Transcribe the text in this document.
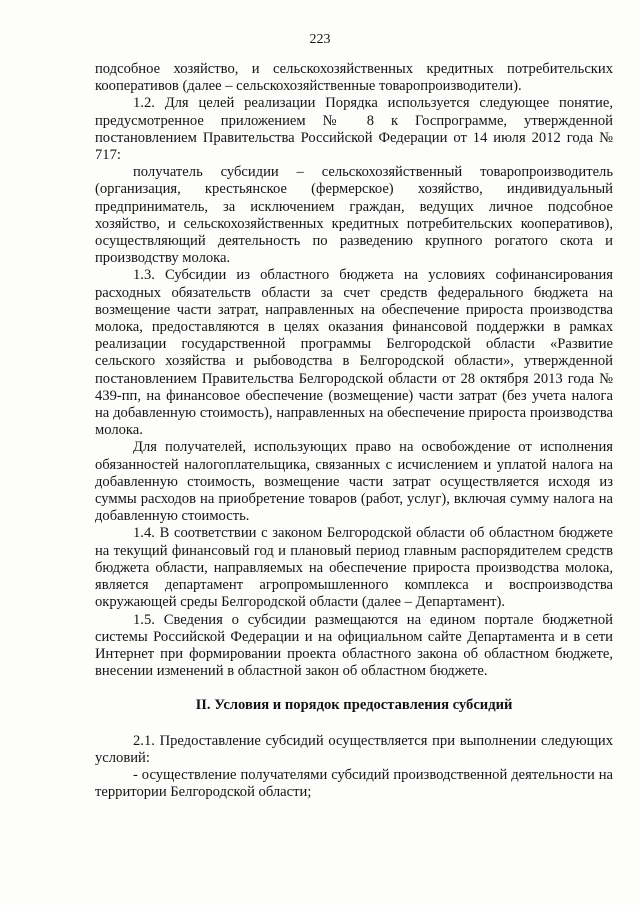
223

подсобное хозяйство, и сельскохозяйственных кредитных потребительских кооперативов (далее – сельскохозяйственные товаропроизводители).

1.2. Для целей реализации Порядка используется следующее понятие, предусмотренное приложением № 8 к Госпрограмме, утвержденной постановлением Правительства Российской Федерации от 14 июля 2012 года № 717:

получатель субсидии – сельскохозяйственный товаропроизводитель (организация, крестьянское (фермерское) хозяйство, индивидуальный предприниматель, за исключением граждан, ведущих личное подсобное хозяйство, и сельскохозяйственных кредитных потребительских кооперативов), осуществляющий деятельность по разведению крупного рогатого скота и производству молока.

1.3. Субсидии из областного бюджета на условиях софинансирования расходных обязательств области за счет средств федерального бюджета на возмещение части затрат, направленных на обеспечение прироста производства молока, предоставляются в целях оказания финансовой поддержки в рамках реализации государственной программы Белгородской области «Развитие сельского хозяйства и рыбоводства в Белгородской области», утвержденной постановлением Правительства Белгородской области от 28 октября 2013 года № 439-пп, на финансовое обеспечение (возмещение) части затрат (без учета налога на добавленную стоимость), направленных на обеспечение прироста производства молока.

Для получателей, использующих право на освобождение от исполнения обязанностей налогоплательщика, связанных с исчислением и уплатой налога на добавленную стоимость, возмещение части затрат осуществляется исходя из суммы расходов на приобретение товаров (работ, услуг), включая сумму налога на добавленную стоимость.

1.4. В соответствии с законом Белгородской области об областном бюджете на текущий финансовый год и плановый период главным распорядителем средств бюджета области, направляемых на обеспечение прироста производства молока, является департамент агропромышленного комплекса и воспроизводства окружающей среды Белгородской области (далее – Департамент).

1.5. Сведения о субсидии размещаются на едином портале бюджетной системы Российской Федерации и на официальном сайте Департамента и в сети Интернет при формировании проекта областного закона об областном бюджете, внесении изменений в областной закон об областном бюджете.

II. Условия и порядок предоставления субсидий

2.1. Предоставление субсидий осуществляется при выполнении следующих условий:

- осуществление получателями субсидий производственной деятельности на территории Белгородской области;
